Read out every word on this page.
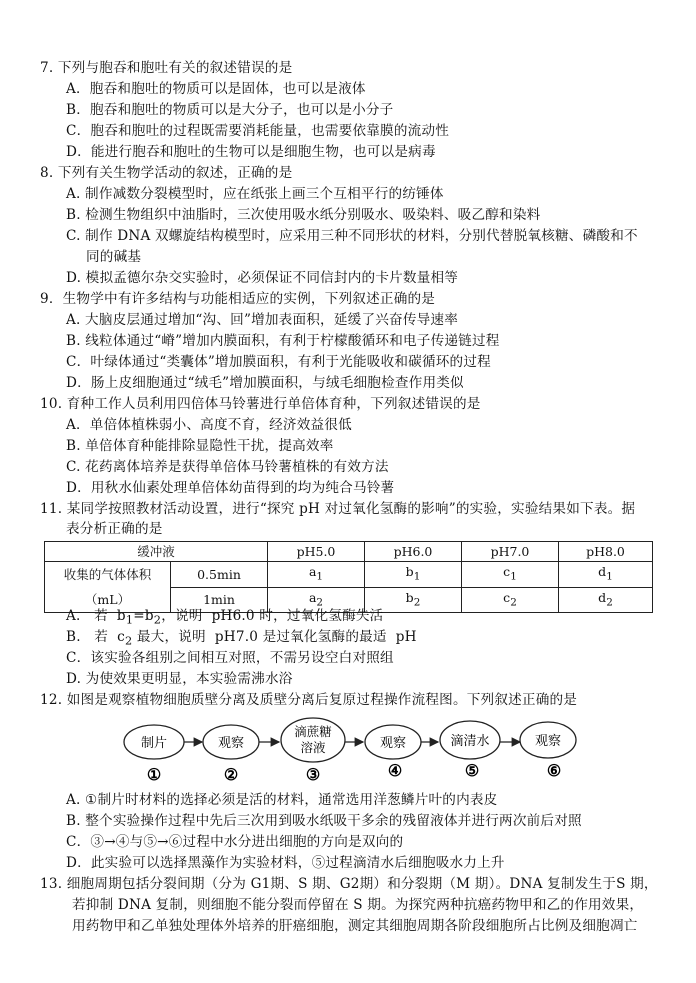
7. 下列与胞吞和胞吐有关的叙述错误的是
A．胞吞和胞吐的物质可以是固体，也可以是液体
B．胞吞和胞吐的物质可以是大分子，也可以是小分子
C．胞吞和胞吐的过程既需要消耗能量，也需要依靠膜的流动性
D．能进行胞吞和胞吐的生物可以是细胞生物，也可以是病毒
8. 下列有关生物学活动的叙述，正确的是
A. 制作减数分裂模型时，应在纸张上画三个互相平行的纺锤体
B. 检测生物组织中油脂时，三次使用吸水纸分别吸水、吸染料、吸乙醇和染料
C. 制作 DNA 双螺旋结构模型时，应采用三种不同形状的材料，分别代替脱氧核糖、磷酸和不
同的碱基
D. 模拟孟德尔杂交实验时，必须保证不同信封内的卡片数量相等
9．生物学中有许多结构与功能相适应的实例，下列叙述正确的是
A. 大脑皮层通过增加“沟、回”增加表面积，延缓了兴奋传导速率
B. 线粒体通过“嵴”增加内膜面积，有利于柠檬酸循环和电子传递链过程
C．叶绿体通过“类囊体”增加膜面积，有利于光能吸收和碳循环的过程
D．肠上皮细胞通过“绒毛”增加膜面积，与绒毛细胞检查作用类似
10. 育种工作人员利用四倍体马铃薯进行单倍体育种，下列叙述错误的是
A．单倍体植株弱小、高度不育，经济效益很低
B. 单倍体育种能排除显隐性干扰，提高效率
C. 花药离体培养是获得单倍体马铃薯植株的有效方法
D．用秋水仙素处理单倍体幼苗得到的均为纯合马铃薯
11. 某同学按照教材活动设置，进行“探究 pH 对过氧化氢酶的影响”的实验，实验结果如下表。据
表分析正确的是
缓冲液		pH5.0	pH6.0	pH7.0	pH8.0
收集的气体体积	0.5min	$a_1$	$b_1$	$c_1$	$d_1$
（mL）	1min	$a_2$	$b_2$	$c_2$	$d_2$
A.   若  $b_1=b_2$，说明  pH6.0 时，过氧化氢酶失活
B.   若  $c_2$ 最大，说明  pH7.0 是过氧化氢酶的最适  pH
C．该实验各组别之间相互对照，不需另设空白对照组
D. 为使效果更明显，本实验需沸水浴
12. 如图是观察植物细胞质壁分离及质壁分离后复原过程操作流程图。下列叙述正确的是
制片
①
观察
②
滴蔗糖
溶液
③
观察
④
滴清水
⑤
观察
⑥
A. ①制片时材料的选择必须是活的材料，通常选用洋葱鳞片叶的内表皮
B. 整个实验操作过程中先后三次用到吸水纸吸干多余的残留液体并进行两次前后对照
C．③→④与⑤→⑥过程中水分进出细胞的方向是双向的
D．此实验可以选择黑藻作为实验材料，⑤过程滴清水后细胞吸水力上升
13. 细胞周期包括分裂间期（分为 G1期、S 期、G2期）和分裂期（M 期）。DNA 复制发生于S 期，
若抑制 DNA 复制，则细胞不能分裂而停留在 S 期。为探究两种抗癌药物甲和乙的作用效果，
用药物甲和乙单独处理体外培养的肝癌细胞，测定其细胞周期各阶段细胞所占比例及细胞凋亡
